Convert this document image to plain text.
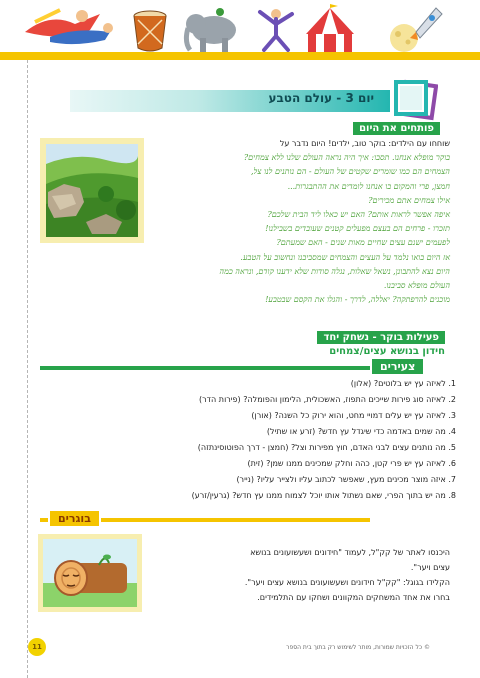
יום 3 - עולם הטבע
פותחים את היום
שוחחו עם הילדים: בוקר טוב, ילדים! היום נדבר על
בוקר מופלא אנחנו. תסבו: איך היה נראה העולם שלנו ללא צמחים?
הצמחים הם כמו שומרים שקטים של העולם - הם נותנים לנו צל,
חמצן, פרי והמקום בו אנחנו לומדים את ההתבגרות...
אילו צמחים אתם מכירים?
איפה אפשר לראות אותם? האם יש כאלו ליד הבית שלכם?
תזכרו - פרחים הם בעצם מפעלים קטנים שעובדים בשבילנו!
לפעמים ישנם עצים שחיים מאות שנים - האם שמעתם?
אז היום בואו נלמד על העצים והצמחים שמסביבנו ונחשוב על הטבע.
היום נצא להתבונן, נשאל שאלות, נגלה סודות שלא ידענו קודם, ונראה כמה
העולם מופלא סביבנו.
מוכנים להרפתקה? יאללה, לדרך - והגלו את הקסם שבטבע!
פעילות בוקר - נשחק יחד
חידון בנושא עצים/צמחים
צעירים
1. לאיזה עץ יש בלוטים? (אלון)
2. לאיזה סוג פירות שייכים התפוז, האשכולית, הלימון והפומלה? (פירות הדר)
3. לאיזה עץ יש עלים דמויי מחט, והוא ירוק כל השנה? (אורן)
4. מה שמים באדמה כדי שיגדל עץ חדש? (זרע או שתיל)
5. מה נותנים עצים לבני האדם, חוץ מפירות וצל? (חמצן - דרך הפוטוסינתזה)
6. לאיזה עץ יש פרי קטן, כהה וחלק שמכינים ממנו שמן? (זית)
7. איזה מוצר מכינים מעץ, שאפשר לכתוב עליו ולצייר עליו? (נייר)
8. מה יש בתוך הפרי, שאם נשתול אותו יוכל לצמוח ממנו עץ חדש? (גרעין/זרע)
בוגרים
היכנסו לאתר של קק"ל, לעמוד "חידונים ושעשועונים בנושא
עצים ויער".
הקלידו בגוגל: "קק"ל חידונים ושעשועונים בנושא עצים ויער".
בחרו את אחד המשחקים המקוונים ושחקו עם התלמידים.
11	© כל הזכויות שמורות, מותר לשימוש רק בתוך בית הספר
